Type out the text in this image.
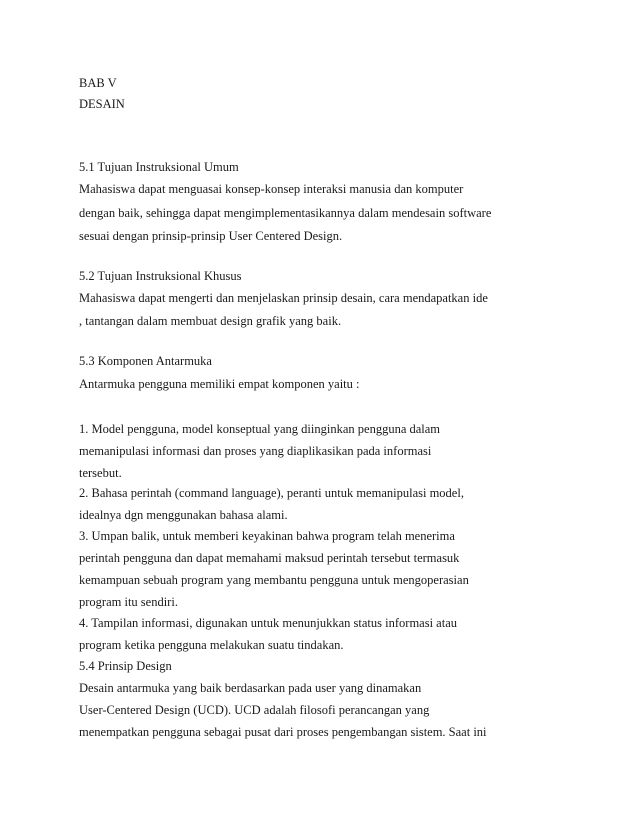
BAB V
DESAIN
5.1 Tujuan Instruksional Umum
Mahasiswa dapat menguasai konsep-konsep interaksi manusia dan komputer
dengan baik, sehingga dapat mengimplementasikannya dalam mendesain software
sesuai dengan prinsip-prinsip User Centered Design.
5.2 Tujuan Instruksional Khusus
Mahasiswa dapat mengerti dan menjelaskan prinsip desain, cara mendapatkan ide
, tantangan dalam membuat design grafik yang baik.
5.3 Komponen Antarmuka
Antarmuka pengguna memiliki empat komponen yaitu :
1. Model pengguna, model konseptual yang diinginkan pengguna dalam
memanipulasi informasi dan proses yang diaplikasikan pada informasi
tersebut.
2. Bahasa perintah (command language), peranti untuk memanipulasi model,
idealnya dgn menggunakan bahasa alami.
3. Umpan balik, untuk memberi keyakinan bahwa program telah menerima
perintah pengguna dan dapat memahami maksud perintah tersebut termasuk
kemampuan sebuah program yang membantu pengguna untuk mengoperasian
program itu sendiri.
4. Tampilan informasi, digunakan untuk menunjukkan status informasi atau
program ketika pengguna melakukan suatu tindakan.
5.4 Prinsip Design
Desain antarmuka yang baik berdasarkan pada user yang dinamakan
User-Centered Design (UCD). UCD adalah filosofi perancangan yang
menempatkan pengguna sebagai pusat dari proses pengembangan sistem. Saat ini
